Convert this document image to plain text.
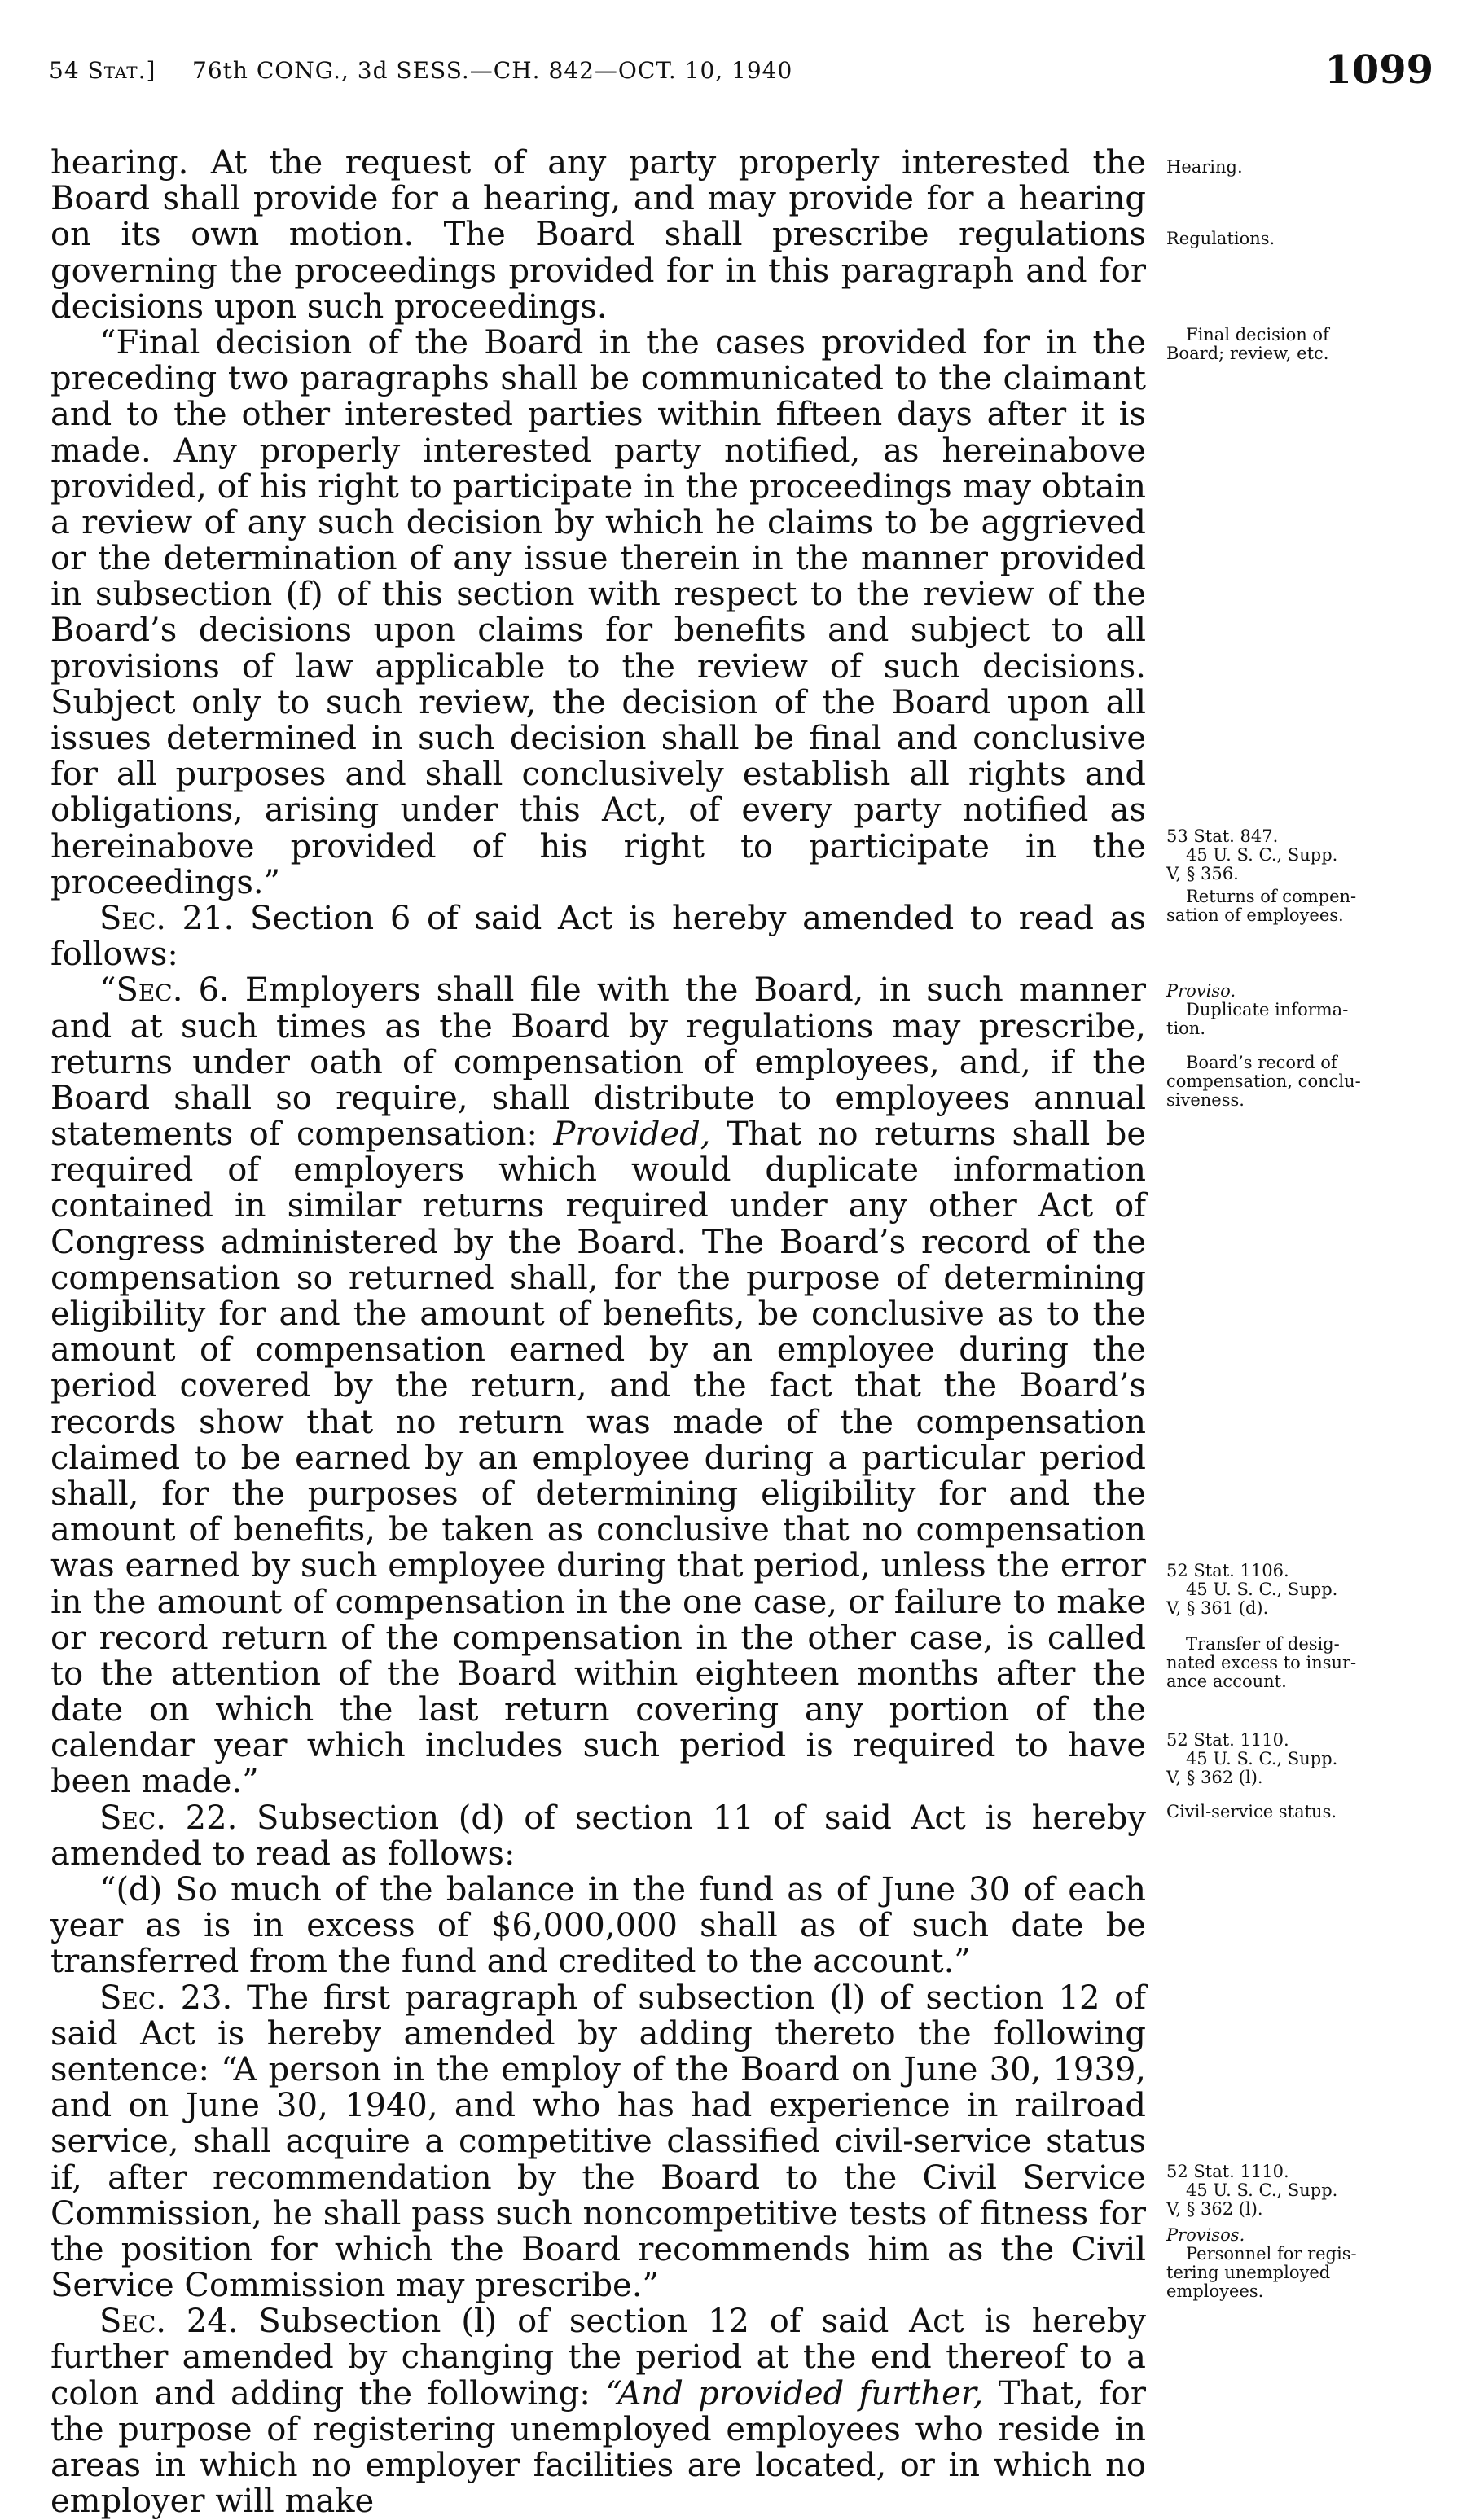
54 Stat.] 76th CONG., 3d SESS.—CH. 842—OCT. 10, 1940	1099

hearing. At the request of any party properly interested the Board shall provide for a hearing, and may provide for a hearing on its own motion. The Board shall prescribe regulations governing the proceedings provided for in this paragraph and for decisions upon such proceedings.

“Final decision of the Board in the cases provided for in the preceding two paragraphs shall be communicated to the claimant and to the other interested parties within fifteen days after it is made. Any properly interested party notified, as hereinabove provided, of his right to participate in the proceedings may obtain a review of any such decision by which he claims to be aggrieved or the determination of any issue therein in the manner provided in subsection (f) of this section with respect to the review of the Board’s decisions upon claims for benefits and subject to all provisions of law applicable to the review of such decisions. Subject only to such review, the decision of the Board upon all issues determined in such decision shall be final and conclusive for all purposes and shall conclusively establish all rights and obligations, arising under this Act, of every party notified as hereinabove provided of his right to participate in the proceedings.”

Sec. 21. Section 6 of said Act is hereby amended to read as follows:

“Sec. 6. Employers shall file with the Board, in such manner and at such times as the Board by regulations may prescribe, returns under oath of compensation of employees, and, if the Board shall so require, shall distribute to employees annual statements of compensation: Provided, That no returns shall be required of employers which would duplicate information contained in similar returns required under any other Act of Congress administered by the Board. The Board’s record of the compensation so returned shall, for the purpose of determining eligibility for and the amount of benefits, be conclusive as to the amount of compensation earned by an employee during the period covered by the return, and the fact that the Board’s records show that no return was made of the compensation claimed to be earned by an employee during a particular period shall, for the purposes of determining eligibility for and the amount of benefits, be taken as conclusive that no compensation was earned by such employee during that period, unless the error in the amount of compensation in the one case, or failure to make or record return of the compensation in the other case, is called to the attention of the Board within eighteen months after the date on which the last return covering any portion of the calendar year which includes such period is required to have been made.”

Sec. 22. Subsection (d) of section 11 of said Act is hereby amended to read as follows:

“(d) So much of the balance in the fund as of June 30 of each year as is in excess of $6,000,000 shall as of such date be transferred from the fund and credited to the account.”

Sec. 23. The first paragraph of subsection (l) of section 12 of said Act is hereby amended by adding thereto the following sentence: “A person in the employ of the Board on June 30, 1939, and on June 30, 1940, and who has had experience in railroad service, shall acquire a competitive classified civil-service status if, after recommendation by the Board to the Civil Service Commission, he shall pass such noncompetitive tests of fitness for the position for which the Board recommends him as the Civil Service Commission may prescribe.”

Sec. 24. Subsection (l) of section 12 of said Act is hereby further amended by changing the period at the end thereof to a colon and adding the following: “And provided further, That, for the purpose of registering unemployed employees who reside in areas in which no employer facilities are located, or in which no employer will make

Hearing.
Regulations.
Final decision of
Board; review, etc.
53 Stat. 847.
45 U. S. C., Supp.
V, § 356.
Returns of compen-
sation of employees.
Proviso.
Duplicate informa-
tion.
Board’s record of
compensation, conclu-
siveness.
52 Stat. 1106.
45 U. S. C., Supp.
V, § 361 (d).
Transfer of desig-
nated excess to insur-
ance account.
52 Stat. 1110.
45 U. S. C., Supp.
V, § 362 (l).
Civil-service status.
52 Stat. 1110.
45 U. S. C., Supp.
V, § 362 (l).
Provisos.
Personnel for regis-
tering unemployed
employees.
